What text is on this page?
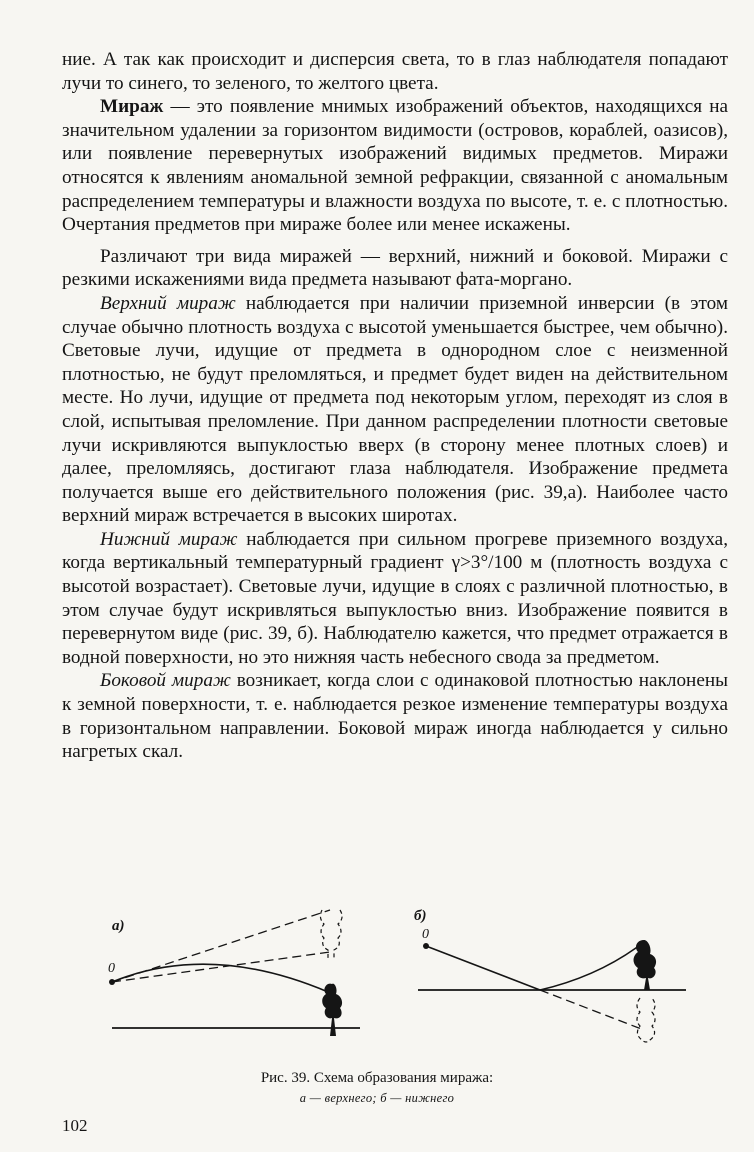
ние. А так как происходит и дисперсия света, то в глаз наблюдателя попадают лучи то синего, то зеленого, то желтого цвета.

Мираж — это появление мнимых изображений объектов, находящихся на значительном удалении за горизонтом видимости (островов, кораблей, оазисов), или появление перевернутых изображений видимых предметов. Миражи относятся к явлениям аномальной земной рефракции, связанной с аномальным распределением температуры и влажности воздуха по высоте, т. е. с плотностью. Очертания предметов при мираже более или менее искажены.

Различают три вида миражей — верхний, нижний и боковой. Миражи с резкими искажениями вида предмета называют фата-моргано.

Верхний мираж наблюдается при наличии приземной инверсии (в этом случае обычно плотность воздуха с высотой уменьшается быстрее, чем обычно). Световые лучи, идущие от предмета в однородном слое с неизменной плотностью, не будут преломляться, и предмет будет виден на действительном месте. Но лучи, идущие от предмета под некоторым углом, переходят из слоя в слой, испытывая преломление. При данном распределении плотности световые лучи искривляются выпуклостью вверх (в сторону менее плотных слоев) и далее, преломляясь, достигают глаза наблюдателя. Изображение предмета получается выше его действительного положения (рис. 39,а). Наиболее часто верхний мираж встречается в высоких широтах.

Нижний мираж наблюдается при сильном прогреве приземного воздуха, когда вертикальный температурный градиент γ>3°/100 м (плотность воздуха с высотой возрастает). Световые лучи, идущие в слоях с различной плотностью, в этом случае будут искривляться выпуклостью вниз. Изображение появится в перевернутом виде (рис. 39, б). Наблюдателю кажется, что предмет отражается в водной поверхности, но это нижняя часть небесного свода за предметом.

Боковой мираж возникает, когда слои с одинаковой плотностью наклонены к земной поверхности, т. е. наблюдается резкое изменение температуры воздуха в горизонтальном направлении. Боковой мираж иногда наблюдается у сильно нагретых скал.

а)
0
б)
0
Рис. 39. Схема образования миража:
а — верхнего; б — нижнего
102
